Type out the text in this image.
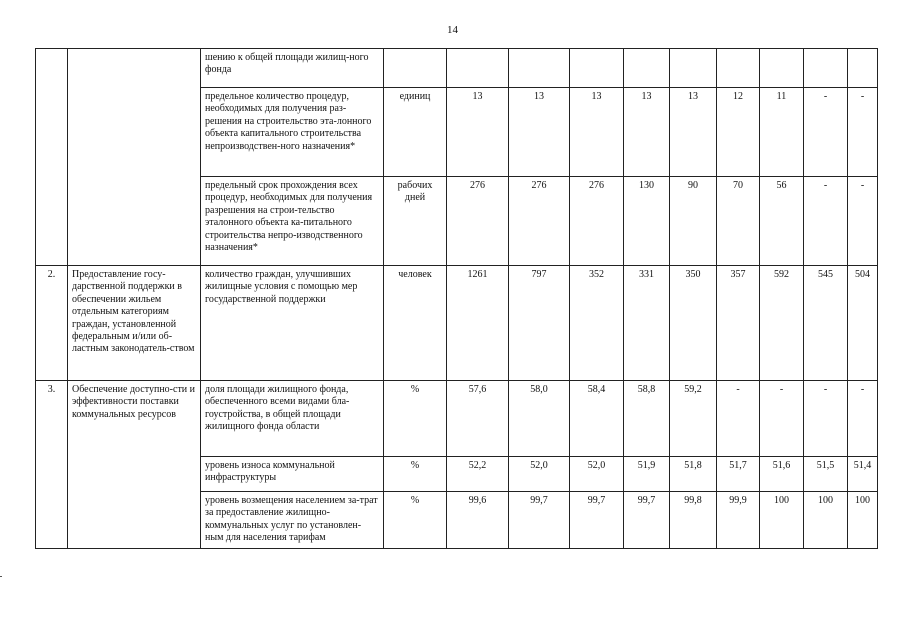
14
		шению к общей площади жилищ-ного фонда										
		предельное количество процедур, необходимых для получения раз-решения на строительство эта-лонного объекта капитального строительства непроизводствен-ного назначения*	единиц	13	13	13	13	13	12	11	-	-
		предельный срок прохождения всех процедур, необходимых для получения разрешения на строи-тельство эталонного объекта ка-питального строительства непро-изводственного назначения*	рабочих дней	276	276	276	130	90	70	56	-	-
2.	Предоставление госу-дарственной поддержки в обеспечении жильем отдельным категориям граждан, установленной федеральным и/или об-ластным законодатель-ством	количество граждан, улучшивших жилищные условия с помощью мер государственной поддержки	человек	1261	797	352	331	350	357	592	545	504
3.	Обеспечение доступно-сти и эффективности поставки коммунальных ресурсов	доля площади жилищного фонда, обеспеченного всеми видами бла-гоустройства, в общей площади жилищного фонда области	%	57,6	58,0	58,4	58,8	59,2	-	-	-	-
		уровень износа коммунальной инфраструктуры	%	52,2	52,0	52,0	51,9	51,8	51,7	51,6	51,5	51,4
		уровень возмещения населением за-трат за предоставление жилищно-коммунальных услуг по установлен-ным для населения тарифам	%	99,6	99,7	99,7	99,7	99,8	99,9	100	100	100
